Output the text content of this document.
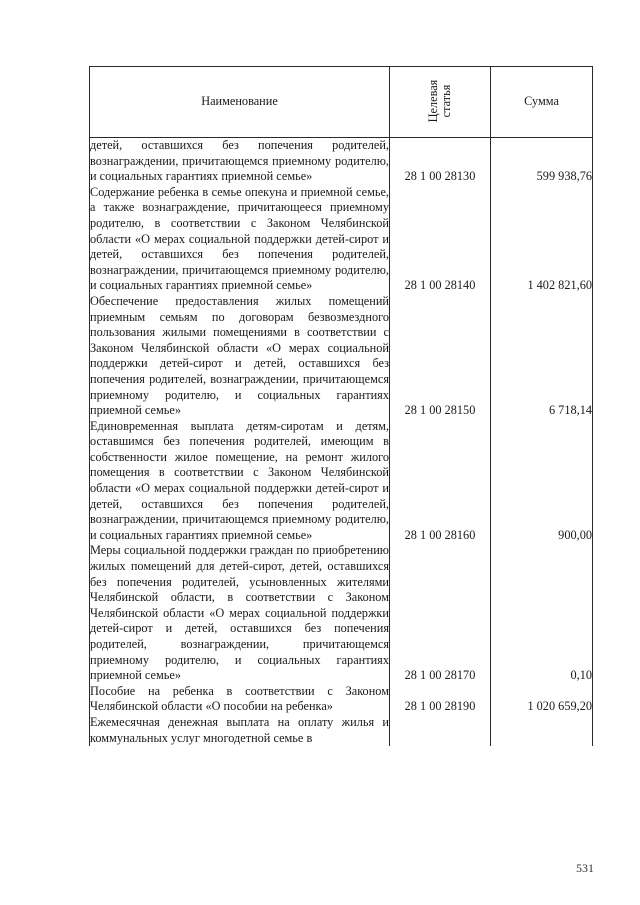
Наименование	Целевая статья	Сумма

детей, оставшихся без попечения родителей, вознаграждении, причитающемся приемному родителю, и социальных гарантиях приемной семье»	28 1 00 28130	599 938,76

Содержание ребенка в семье опекуна и приемной семье, а также вознаграждение, причитающееся приемному родителю, в соответствии с Законом Челябинской области «О мерах социальной поддержки детей-сирот и детей, оставшихся без попечения родителей, вознаграждении, причитающемся приемному родителю, и социальных гарантиях приемной семье»	28 1 00 28140	1 402 821,60

Обеспечение предоставления жилых помещений приемным семьям по договорам безвозмездного пользования жилыми помещениями в соответствии с Законом Челябинской области «О мерах социальной поддержки детей-сирот и детей, оставшихся без попечения родителей, вознаграждении, причитающемся приемному родителю, и социальных гарантиях приемной семье»	28 1 00 28150	6 718,14

Единовременная выплата детям-сиротам и детям, оставшимся без попечения родителей, имеющим в собственности жилое помещение, на ремонт жилого помещения в соответствии с Законом Челябинской области «О мерах социальной поддержки детей-сирот и детей, оставшихся без попечения родителей, вознаграждении, причитающемся приемному родителю, и социальных гарантиях приемной семье»	28 1 00 28160	900,00

Меры социальной поддержки граждан по приобретению жилых помещений для детей-сирот, детей, оставшихся без попечения родителей, усыновленных жителями Челябинской области, в соответствии с Законом Челябинской области «О мерах социальной поддержки детей-сирот и детей, оставшихся без попечения родителей, вознаграждении, причитающемся приемному родителю, и социальных гарантиях приемной семье»	28 1 00 28170	0,10

Пособие на ребенка в соответствии с Законом Челябинской области «О пособии на ребенка»	28 1 00 28190	1 020 659,20

Ежемесячная денежная выплата на оплату жилья и коммунальных услуг многодетной семье в		

531
